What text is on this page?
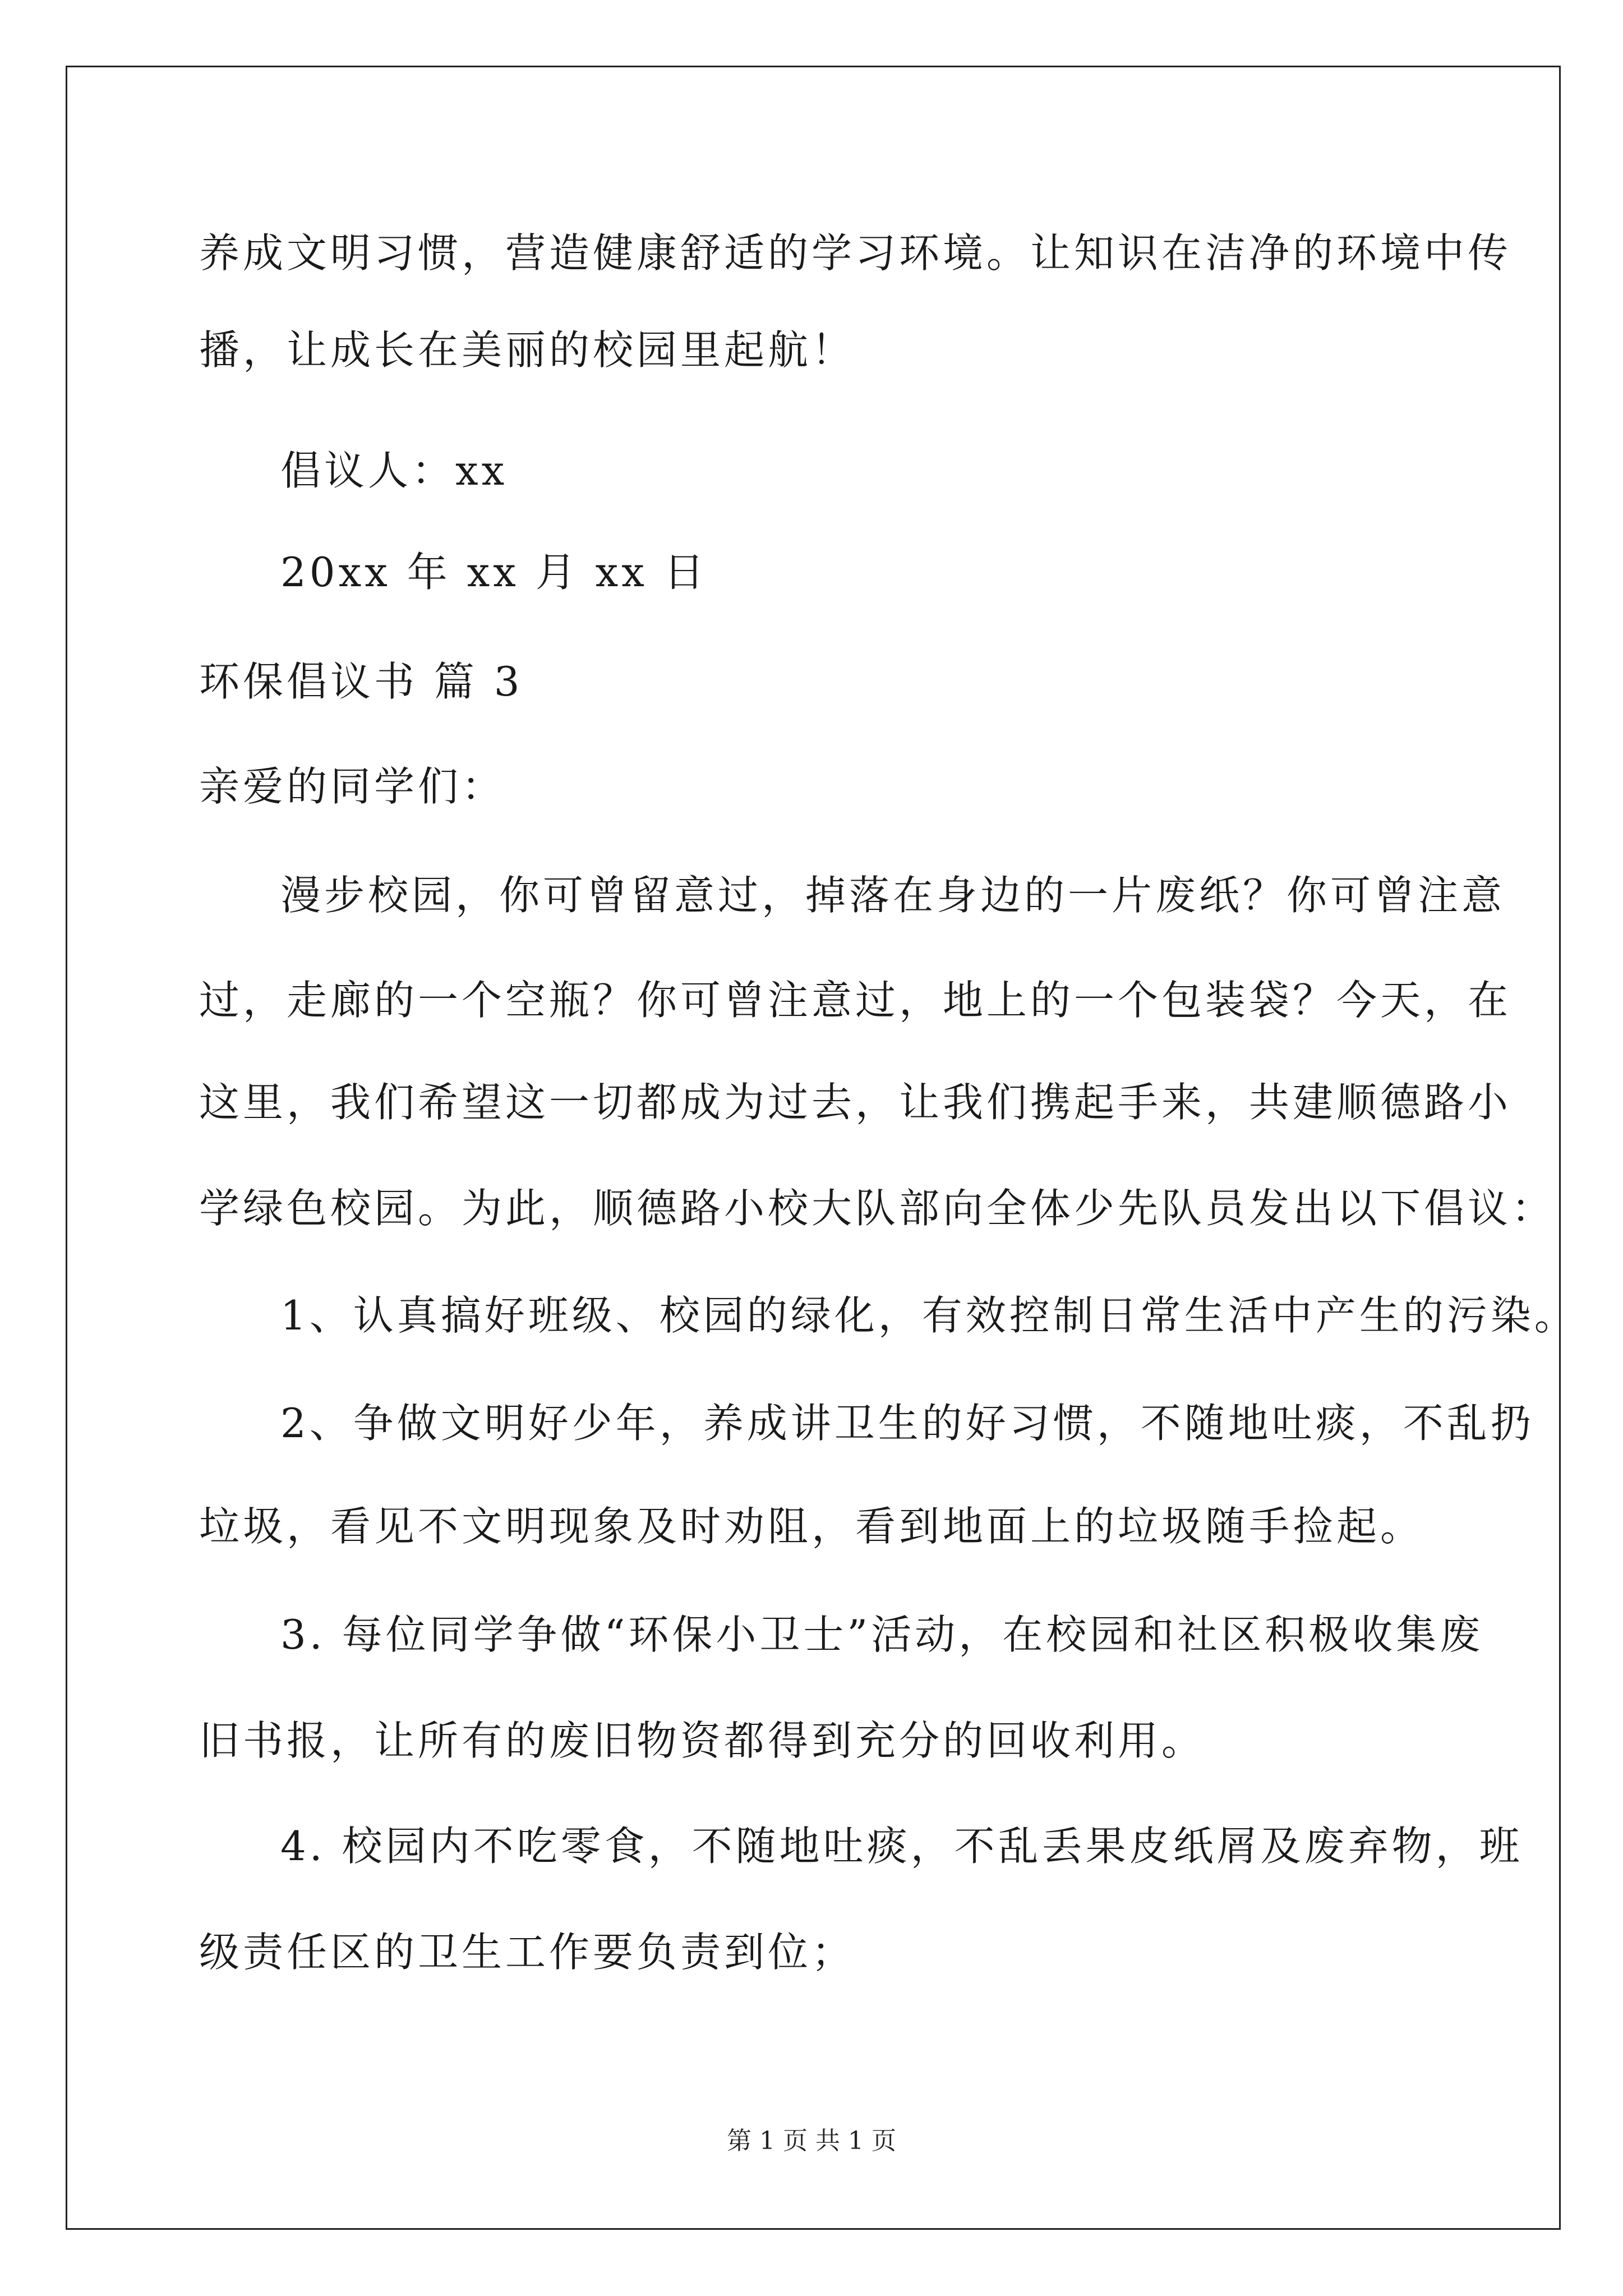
养成文明习惯，营造健康舒适的学习环境。让知识在洁净的环境中传
播，让成长在美丽的校园里起航！
倡议人：xx
20xx 年 xx 月 xx 日
环保倡议书 篇 3
亲爱的同学们：
漫步校园，你可曾留意过，掉落在身边的一片废纸？你可曾注意
过，走廊的一个空瓶？你可曾注意过，地上的一个包装袋？今天，在
这里，我们希望这一切都成为过去，让我们携起手来，共建顺德路小
学绿色校园。为此，顺德路小校大队部向全体少先队员发出以下倡议：
1、认真搞好班级、校园的绿化，有效控制日常生活中产生的污染。
2、争做文明好少年，养成讲卫生的好习惯，不随地吐痰，不乱扔
垃圾，看见不文明现象及时劝阻，看到地面上的垃圾随手捡起。
3. 每位同学争做“环保小卫士”活动，在校园和社区积极收集废
旧书报，让所有的废旧物资都得到充分的回收利用。
4. 校园内不吃零食，不随地吐痰，不乱丢果皮纸屑及废弃物，班
级责任区的卫生工作要负责到位；
第 1 页 共 1 页
